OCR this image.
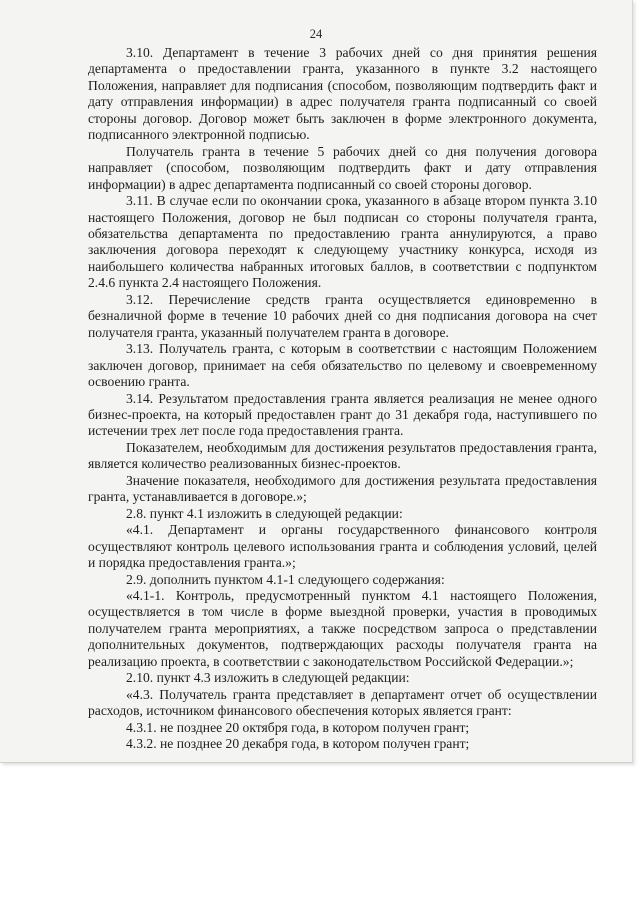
24

3.10. Департамент в течение 3 рабочих дней со дня принятия решения департамента о предоставлении гранта, указанного в пункте 3.2 настоящего Положения, направляет для подписания (способом, позволяющим подтвердить факт и дату отправления информации) в адрес получателя гранта подписанный со своей стороны договор. Договор может быть заключен в форме электронного документа, подписанного электронной подписью.

Получатель гранта в течение 5 рабочих дней со дня получения договора направляет (способом, позволяющим подтвердить факт и дату отправления информации) в адрес департамента подписанный со своей стороны договор.

3.11. В случае если по окончании срока, указанного в абзаце втором пункта 3.10 настоящего Положения, договор не был подписан со стороны получателя гранта, обязательства департамента по предоставлению гранта аннулируются, а право заключения договора переходят к следующему участнику конкурса, исходя из наибольшего количества набранных итоговых баллов, в соответствии с подпунктом 2.4.6 пункта 2.4 настоящего Положения.

3.12. Перечисление средств гранта осуществляется единовременно в безналичной форме в течение 10 рабочих дней со дня подписания договора на счет получателя гранта, указанный получателем гранта в договоре.

3.13. Получатель гранта, с которым в соответствии с настоящим Положением заключен договор, принимает на себя обязательство по целевому и своевременному освоению гранта.

3.14. Результатом предоставления гранта является реализация не менее одного бизнес-проекта, на который предоставлен грант до 31 декабря года, наступившего по истечении трех лет после года предоставления гранта.

Показателем, необходимым для достижения результатов предоставления гранта, является количество реализованных бизнес-проектов.

Значение показателя, необходимого для достижения результата предоставления гранта, устанавливается в договоре.»;

2.8. пункт 4.1 изложить в следующей редакции:

«4.1. Департамент и органы государственного финансового контроля осуществляют контроль целевого использования гранта и соблюдения условий, целей и порядка предоставления гранта.»;

2.9. дополнить пунктом 4.1-1 следующего содержания:

«4.1-1. Контроль, предусмотренный пунктом 4.1 настоящего Положения, осуществляется в том числе в форме выездной проверки, участия в проводимых получателем гранта мероприятиях, а также посредством запроса о представлении дополнительных документов, подтверждающих расходы получателя гранта на реализацию проекта, в соответствии с законодательством Российской Федерации.»;

2.10. пункт 4.3 изложить в следующей редакции:

«4.3. Получатель гранта представляет в департамент отчет об осуществлении расходов, источником финансового обеспечения которых является грант:

4.3.1. не позднее 20 октября года, в котором получен грант;

4.3.2. не позднее 20 декабря года, в котором получен грант;
